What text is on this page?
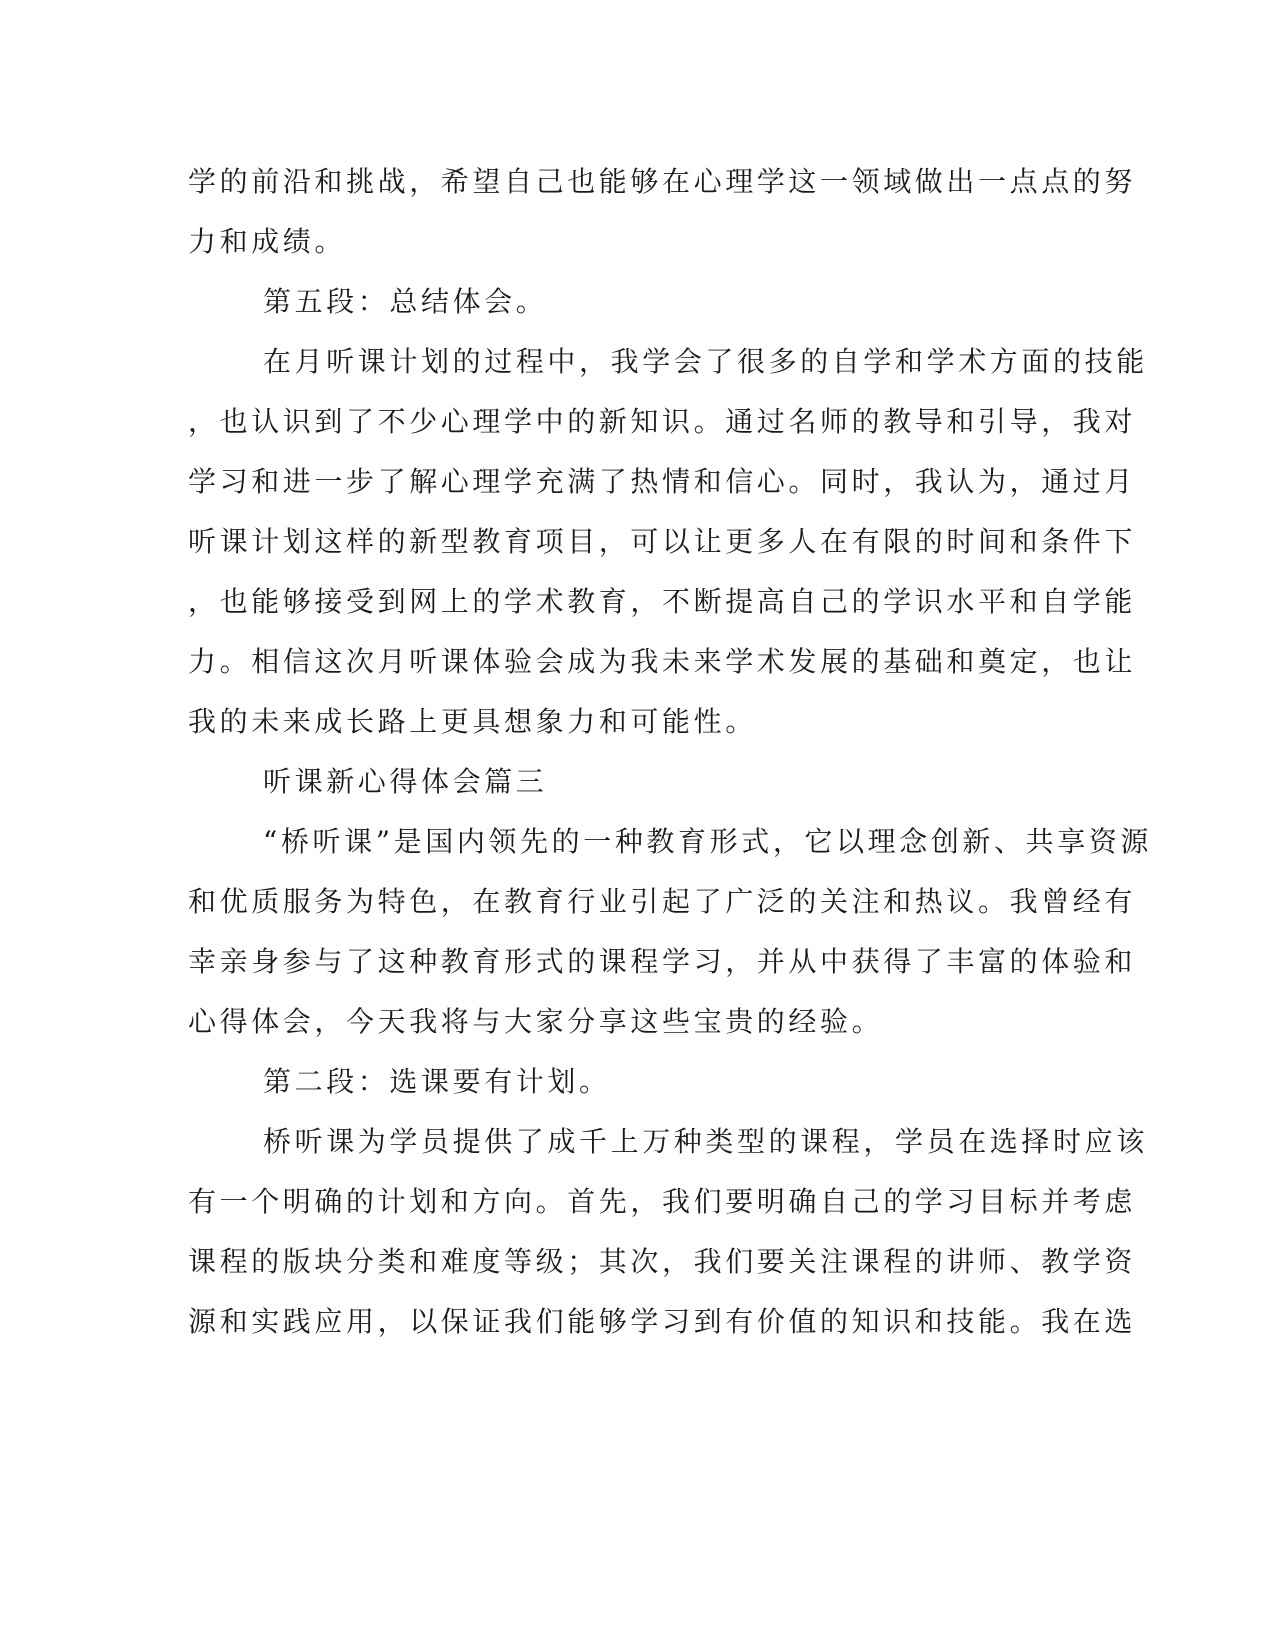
学的前沿和挑战，希望自己也能够在心理学这一领域做出一点点的努
力和成绩。
第五段：总结体会。
在月听课计划的过程中，我学会了很多的自学和学术方面的技能
，也认识到了不少心理学中的新知识。通过名师的教导和引导，我对
学习和进一步了解心理学充满了热情和信心。同时，我认为，通过月
听课计划这样的新型教育项目，可以让更多人在有限的时间和条件下
，也能够接受到网上的学术教育，不断提高自己的学识水平和自学能
力。相信这次月听课体验会成为我未来学术发展的基础和奠定，也让
我的未来成长路上更具想象力和可能性。
听课新心得体会篇三
“桥听课”是国内领先的一种教育形式，它以理念创新、共享资源
和优质服务为特色，在教育行业引起了广泛的关注和热议。我曾经有
幸亲身参与了这种教育形式的课程学习，并从中获得了丰富的体验和
心得体会，今天我将与大家分享这些宝贵的经验。
第二段：选课要有计划。
桥听课为学员提供了成千上万种类型的课程，学员在选择时应该
有一个明确的计划和方向。首先，我们要明确自己的学习目标并考虑
课程的版块分类和难度等级；其次，我们要关注课程的讲师、教学资
源和实践应用，以保证我们能够学习到有价值的知识和技能。我在选
